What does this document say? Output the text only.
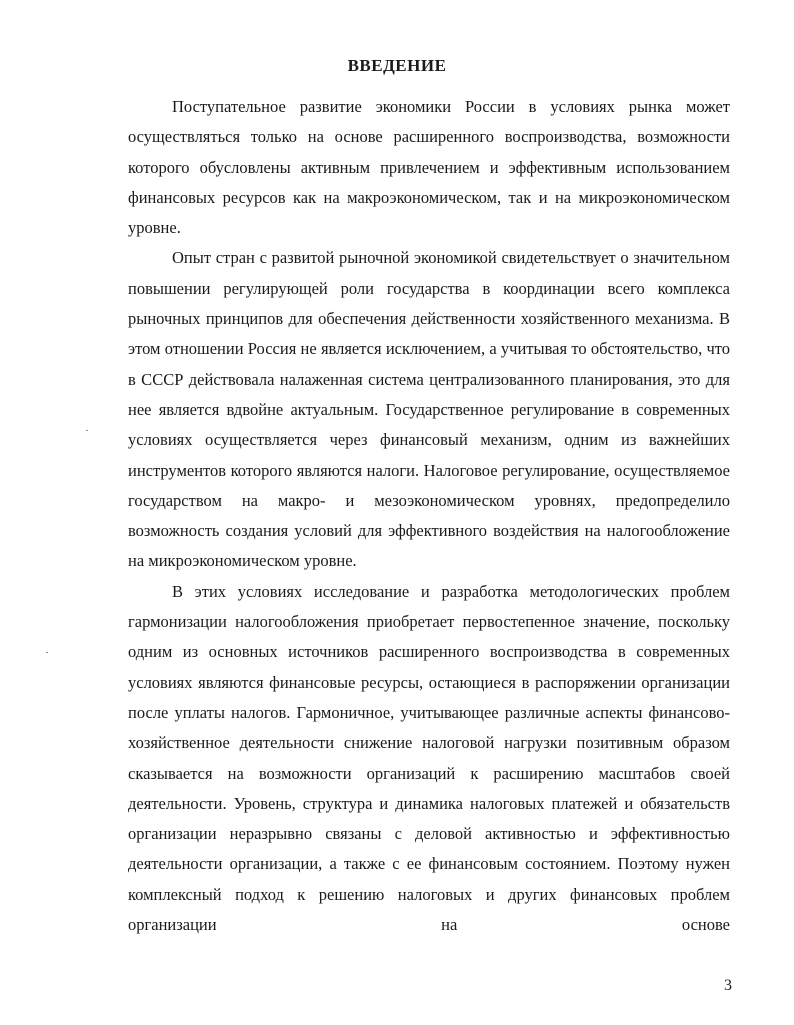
ВВЕДЕНИЕ

Поступательное развитие экономики России в условиях рынка может осуществляться только на основе расширенного воспроизводства, возможности которого обусловлены активным привлечением и эффективным использованием финансовых ресурсов как на макроэкономическом, так и на микроэкономическом уровне.

Опыт стран с развитой рыночной экономикой свидетельствует о значительном повышении регулирующей роли государства в координации всего комплекса рыночных принципов для обеспечения действенности хозяйственного механизма. В этом отношении Россия не является исключением, а учитывая то обстоятельство, что в СССР действовала налаженная система централизованного планирования, это для нее является вдвойне актуальным. Государственное регулирование в современных условиях осуществляется через финансовый механизм, одним из важнейших инструментов которого являются налоги. Налоговое регулирование, осуществляемое государством на макро- и мезоэкономическом уровнях, предопределило возможность создания условий для эффективного воздействия на налогообложение на микроэкономическом уровне.

В этих условиях исследование и разработка методологических проблем гармонизации налогообложения приобретает первостепенное значение, поскольку одним из основных источников расширенного воспроизводства в современных условиях являются финансовые ресурсы, остающиеся в распоряжении организации после уплаты налогов. Гармоничное, учитывающее различные аспекты финансово-хозяйственное деятельности снижение налоговой нагрузки позитивным образом сказывается на возможности организаций к расширению масштабов своей деятельности. Уровень, структура и динамика налоговых платежей и обязательств организации неразрывно связаны с деловой активностью и эффективностью деятельности организации, а также с ее финансовым состоянием. Поэтому нужен комплексный подход к решению налоговых и других финансовых проблем организации на основе

3
